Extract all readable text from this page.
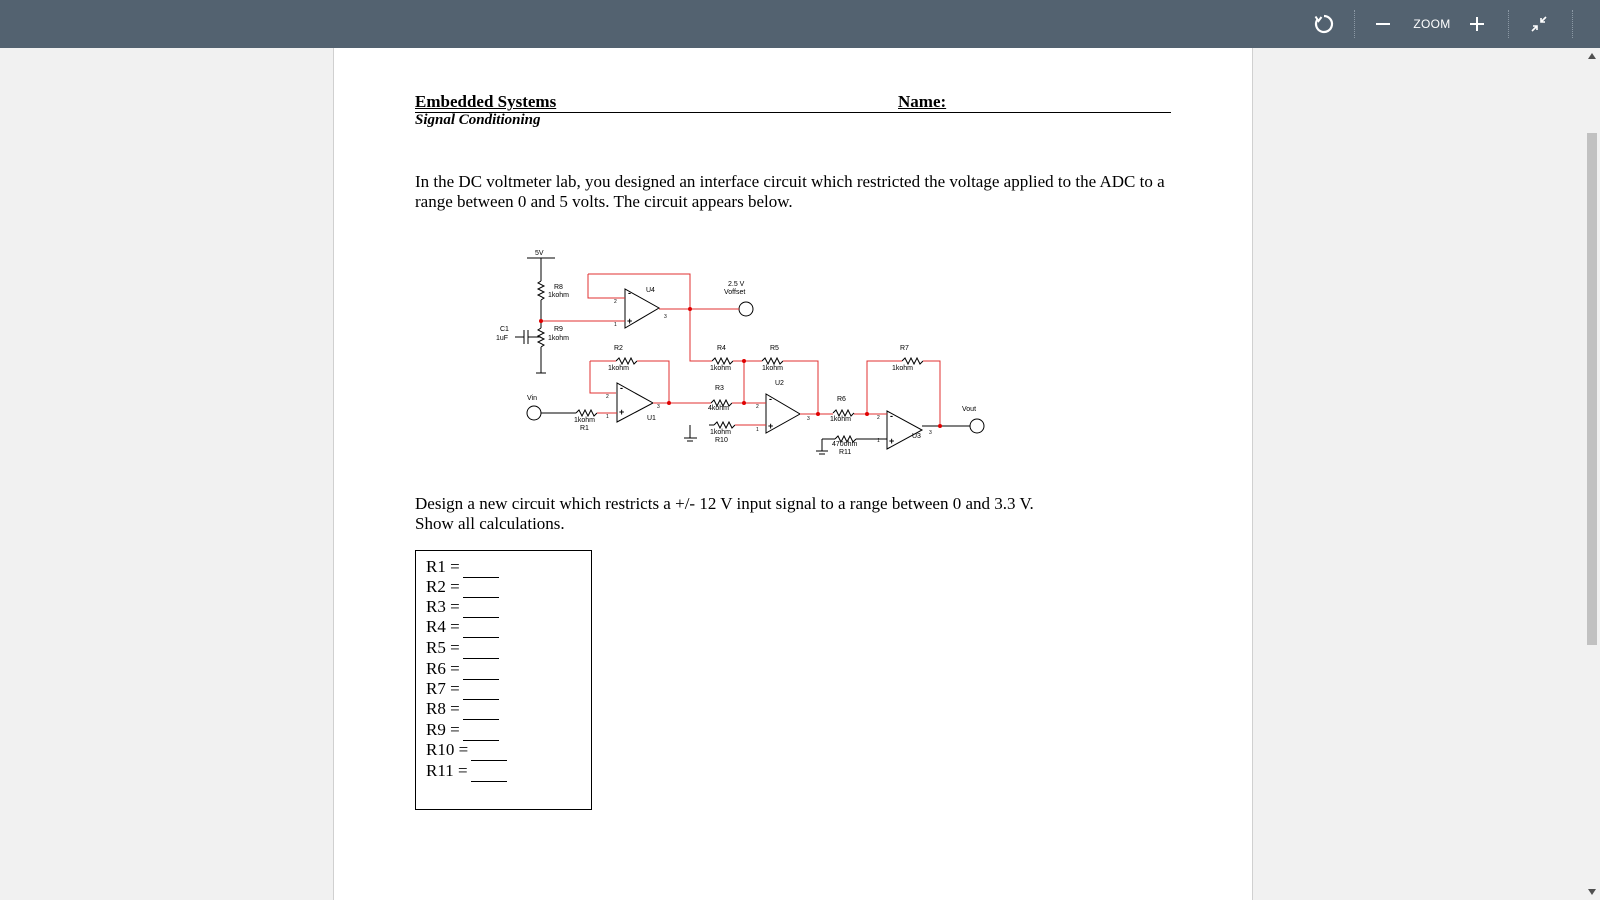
ZOOM
Embedded Systems	Name:
Signal Conditioning
In the DC voltmeter lab, you designed an interface circuit which restricted the voltage applied to the ADC to a range between 0 and 5 volts. The circuit appears below.
5V
R8
1kohm
U4
2.5 V
Voffset
C1
1uF
R9
1kohm
R2
1kohm
R4
1kohm
R5
1kohm
R7
1kohm
U2
R3
4kohm
Vin	R6
1kohm
Vout
1kohm
R1
U1
1kohm
R10
470ohm
R11
U3
2
1
3
2
1
3	2
1
3	2
1
3
+
-
+
-
+
-
+
-
Design a new circuit which restricts a +/- 12 V input signal to a range between 0 and 3.3 V.
Show all calculations.
R1 =
R2 =
R3 =
R4 =
R5 =
R6 =
R7 =
R8 =
R9 =
R10 =
R11 =
